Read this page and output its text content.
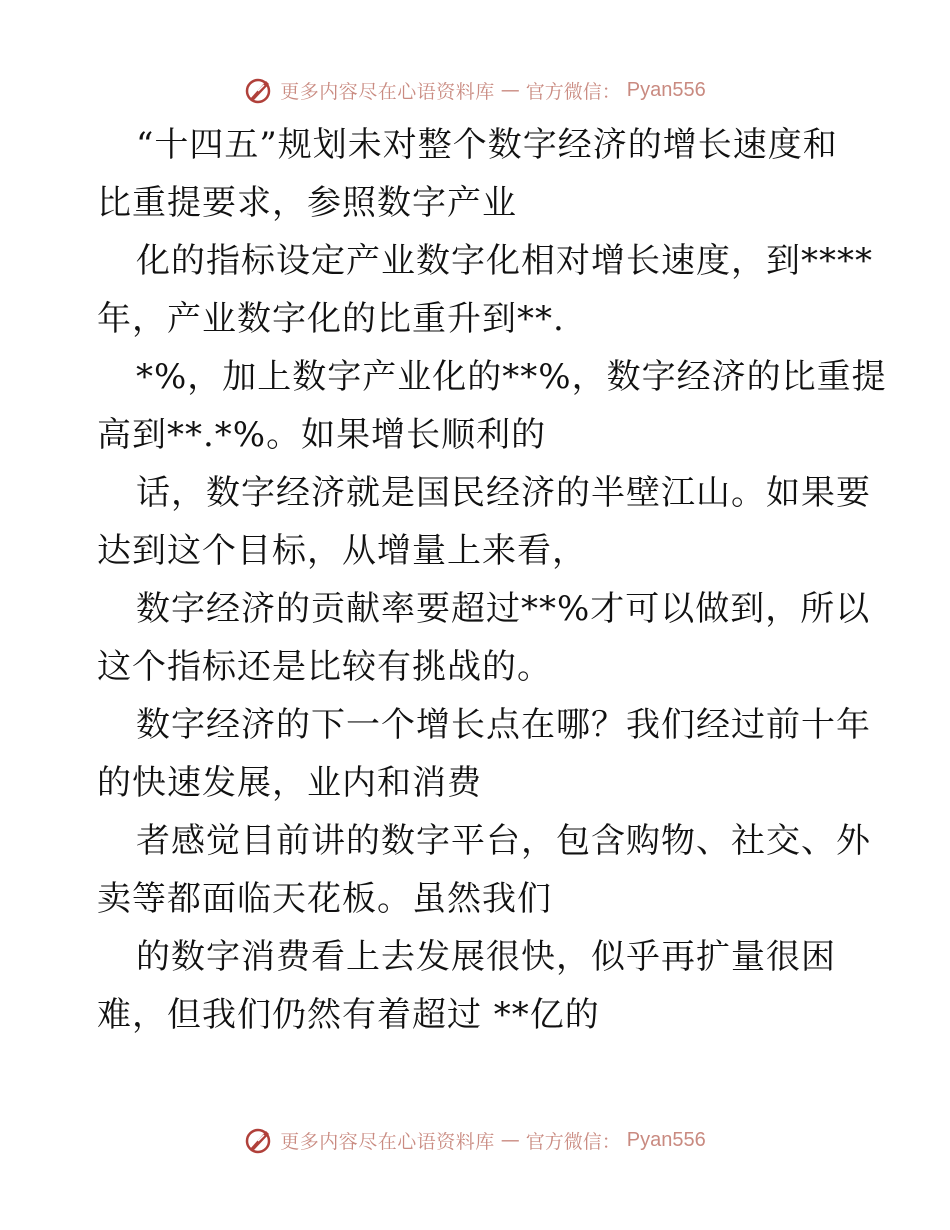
更多内容尽在心语资料库 — 官方微信： Pyan556
“十四五”规划未对整个数字经济的增长速度和
比重提要求，参照数字产业
化的指标设定产业数字化相对增长速度，到****
年，产业数字化的比重升到**.
*%，加上数字产业化的**%，数字经济的比重提
高到**.*%。如果增长顺利的
话，数字经济就是国民经济的半壁江山。如果要
达到这个目标，从增量上来看，
数字经济的贡献率要超过**%才可以做到，所以
这个指标还是比较有挑战的。
数字经济的下一个增长点在哪？我们经过前十年
的快速发展，业内和消费
者感觉目前讲的数字平台，包含购物、社交、外
卖等都面临天花板。虽然我们
的数字消费看上去发展很快，似乎再扩量很困
难，但我们仍然有着超过 **亿的
更多内容尽在心语资料库 — 官方微信： Pyan556
